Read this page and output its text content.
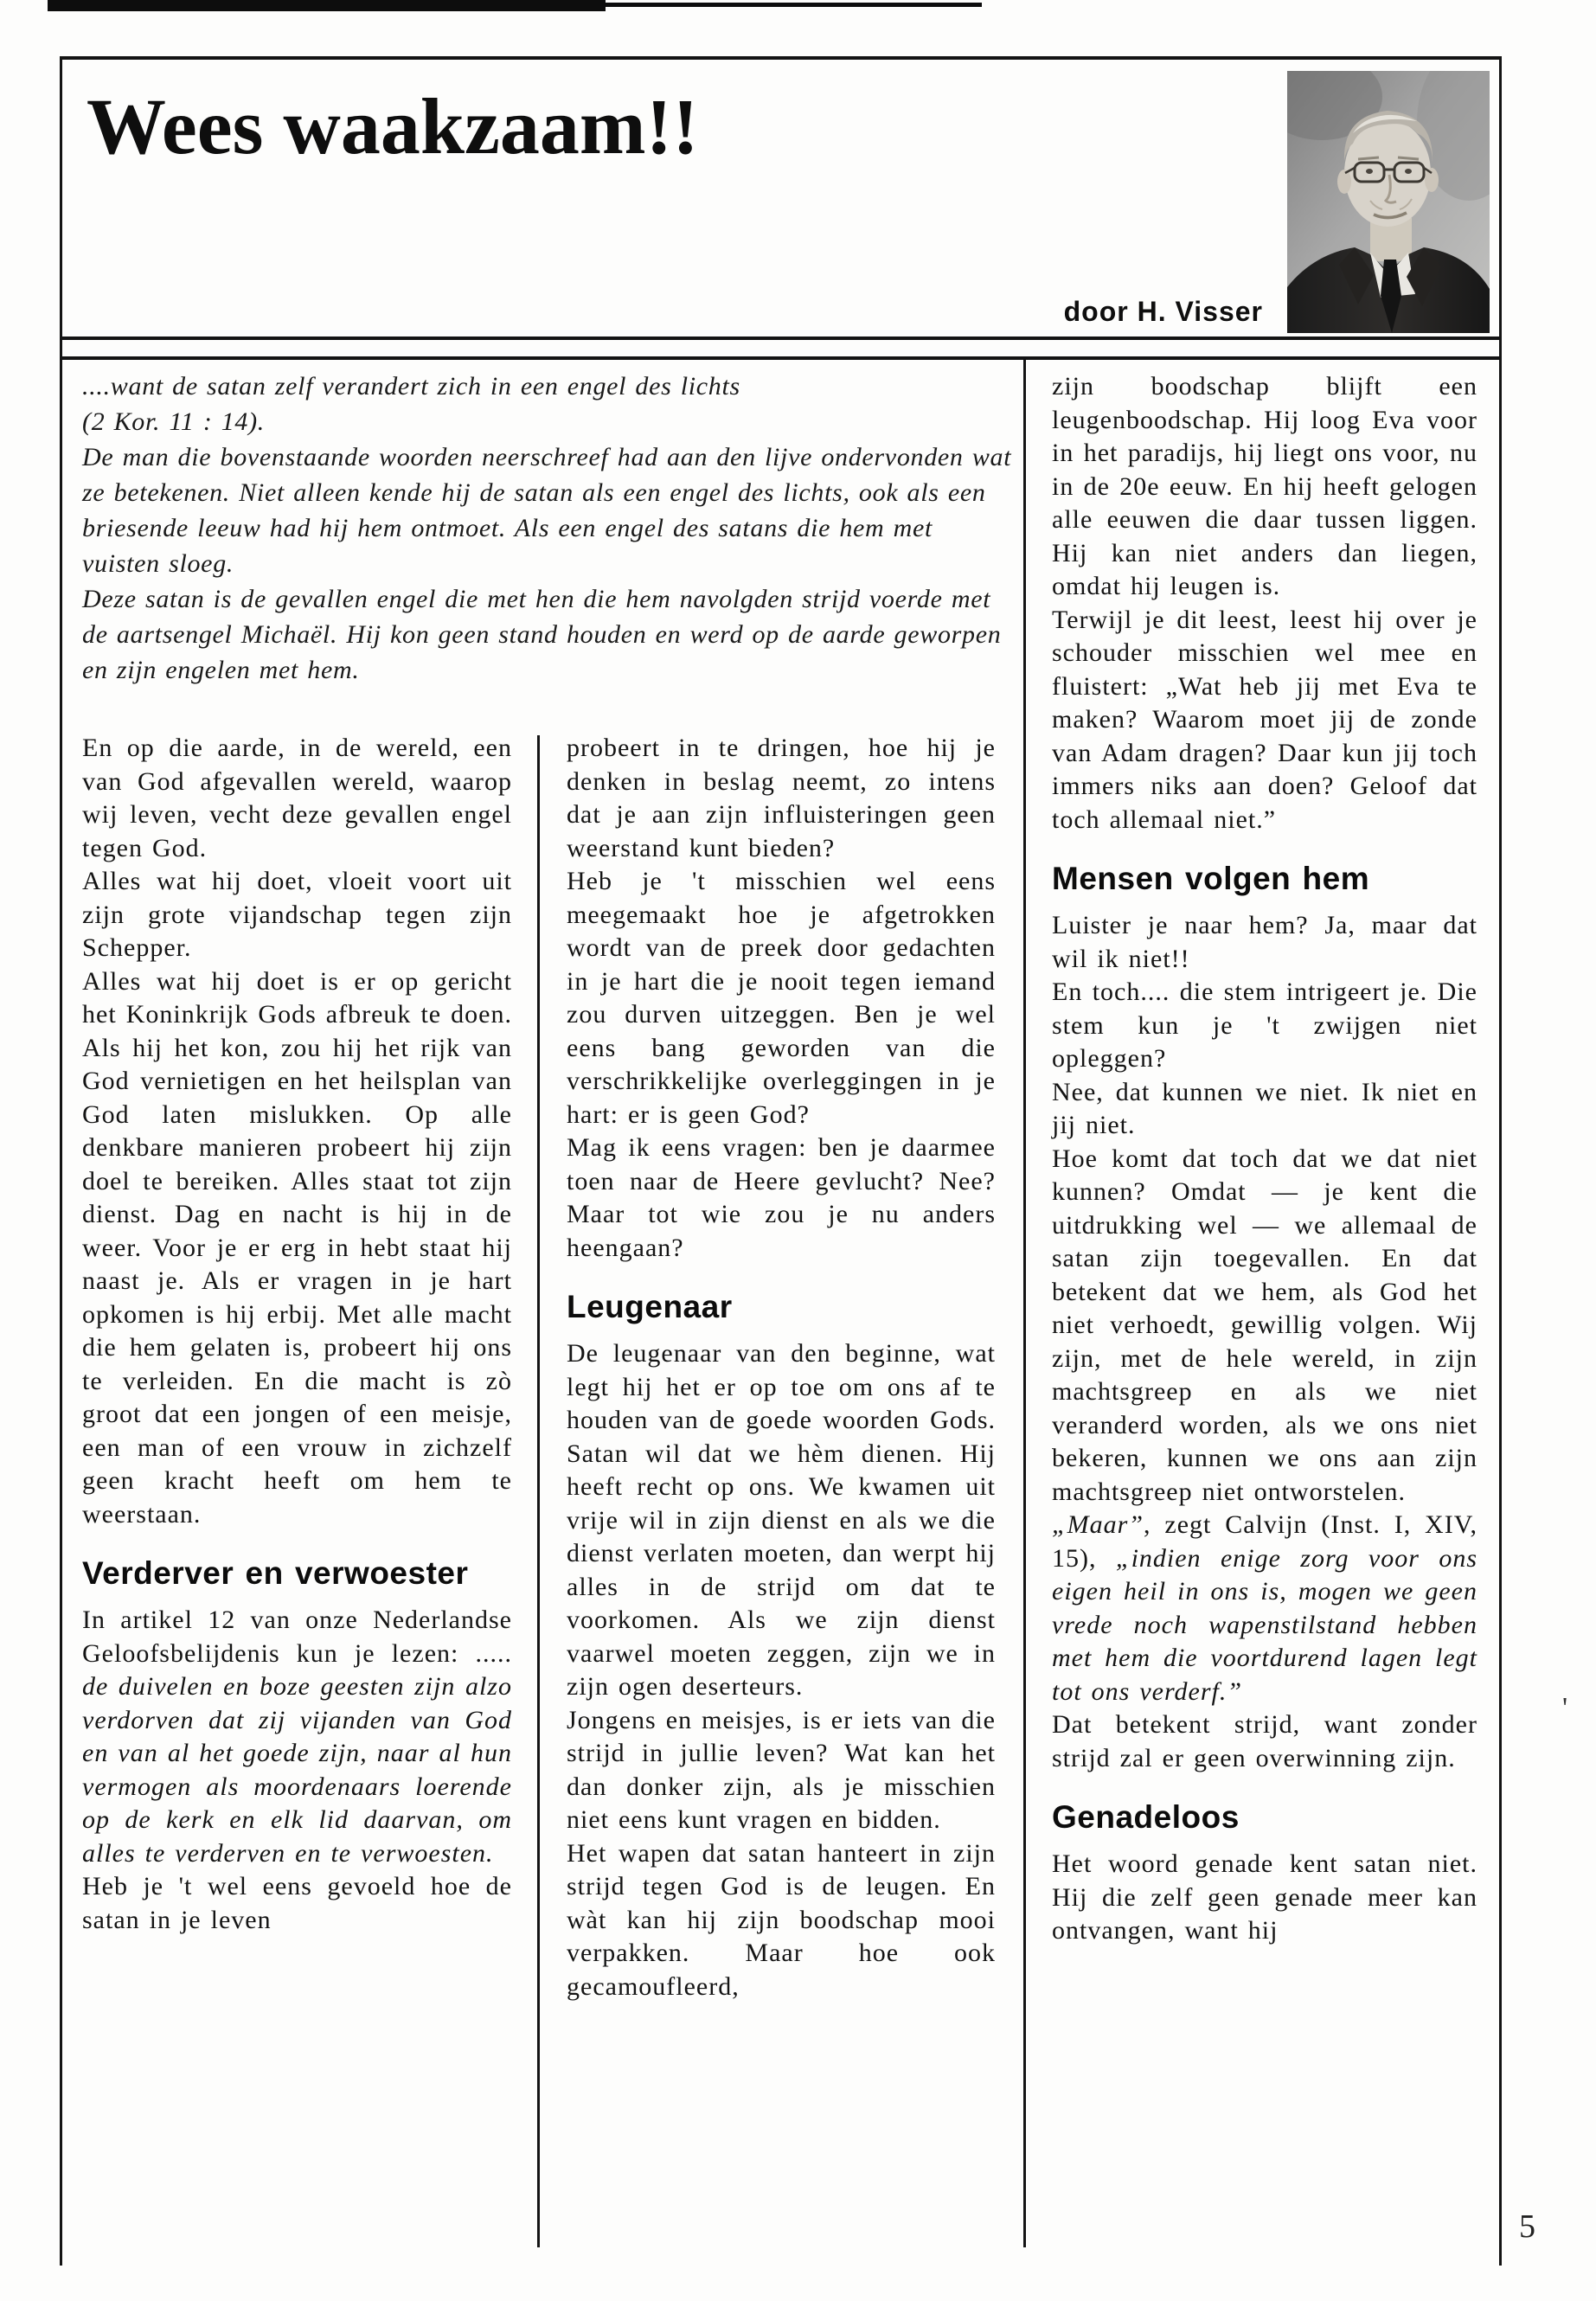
Wees waakzaam!!
door H. Visser

....want de satan zelf verandert zich in een engel des lichts

(2 Kor. 11 : 14).

De man die bovenstaande woorden neerschreef had aan den lijve ondervonden wat ze betekenen. Niet alleen kende hij de satan als een engel des lichts, ook als een briesende leeuw had hij hem ontmoet. Als een engel des satans die hem met vuisten sloeg.

Deze satan is de gevallen engel die met hen die hem navolgden strijd voerde met de aartsengel Michaël. Hij kon geen stand houden en werd op de aarde geworpen en zijn engelen met hem.

En op die aarde, in de wereld, een van God afgevallen wereld, waarop wij leven, vecht deze gevallen engel tegen God.

Alles wat hij doet, vloeit voort uit zijn grote vijandschap tegen zijn Schepper.

Alles wat hij doet is er op gericht het Koninkrijk Gods afbreuk te doen. Als hij het kon, zou hij het rijk van God vernietigen en het heilsplan van God laten mislukken. Op alle denkbare manieren probeert hij zijn doel te bereiken. Alles staat tot zijn dienst. Dag en nacht is hij in de weer. Voor je er erg in hebt staat hij naast je. Als er vragen in je hart opkomen is hij erbij. Met alle macht die hem gelaten is, probeert hij ons te verleiden. En die macht is zò groot dat een jongen of een meisje, een man of een vrouw in zichzelf geen kracht heeft om hem te weerstaan.

Verderver en verwoester

In artikel 12 van onze Nederlandse Geloofsbelijdenis kun je lezen: ..... de duivelen en boze geesten zijn alzo verdorven dat zij vijanden van God en van al het goede zijn, naar al hun vermogen als moordenaars loerende op de kerk en elk lid daarvan, om alles te verderven en te verwoesten.

Heb je 't wel eens gevoeld hoe de satan in je leven

probeert in te dringen, hoe hij je denken in beslag neemt, zo intens dat je aan zijn influisteringen geen weerstand kunt bieden?

Heb je 't misschien wel eens meegemaakt hoe je afgetrokken wordt van de preek door gedachten in je hart die je nooit tegen iemand zou durven uitzeggen. Ben je wel eens bang geworden van die verschrikkelijke overleggingen in je hart: er is geen God?

Mag ik eens vragen: ben je daarmee toen naar de Heere gevlucht? Nee? Maar tot wie zou je nu anders heengaan?

Leugenaar

De leugenaar van den beginne, wat legt hij het er op toe om ons af te houden van de goede woorden Gods. Satan wil dat we hèm dienen. Hij heeft recht op ons. We kwamen uit vrije wil in zijn dienst en als we die dienst verlaten moeten, dan werpt hij alles in de strijd om dat te voorkomen. Als we zijn dienst vaarwel moeten zeggen, zijn we in zijn ogen deserteurs.

Jongens en meisjes, is er iets van die strijd in jullie leven? Wat kan het dan donker zijn, als je misschien niet eens kunt vragen en bidden.

Het wapen dat satan hanteert in zijn strijd tegen God is de leugen. En wàt kan hij zijn boodschap mooi verpakken. Maar hoe ook gecamoufleerd,

zijn boodschap blijft een leugenboodschap. Hij loog Eva voor in het paradijs, hij liegt ons voor, nu in de 20e eeuw. En hij heeft gelogen alle eeuwen die daar tussen liggen. Hij kan niet anders dan liegen, omdat hij leugen is.

Terwijl je dit leest, leest hij over je schouder misschien wel mee en fluistert: „Wat heb jij met Eva te maken? Waarom moet jij de zonde van Adam dragen? Daar kun jij toch immers niks aan doen? Geloof dat toch allemaal niet.”

Mensen volgen hem

Luister je naar hem? Ja, maar dat wil ik niet!!

En toch.... die stem intrigeert je. Die stem kun je 't zwijgen niet opleggen?

Nee, dat kunnen we niet. Ik niet en jij niet.

Hoe komt dat toch dat we dat niet kunnen? Omdat — je kent die uitdrukking wel — we allemaal de satan zijn toegevallen. En dat betekent dat we hem, als God het niet verhoedt, gewillig volgen. Wij zijn, met de hele wereld, in zijn machtsgreep en als we niet veranderd worden, als we ons niet bekeren, kunnen we ons aan zijn machtsgreep niet ontworstelen.

„Maar”, zegt Calvijn (Inst. I, XIV, 15), „indien enige zorg voor ons eigen heil in ons is, mogen we geen vrede noch wapenstilstand hebben met hem die voortdurend lagen legt tot ons verderf.”

Dat betekent strijd, want zonder strijd zal er geen overwinning zijn.

Genadeloos

Het woord genade kent satan niet. Hij die zelf geen genade meer kan ontvangen, want hij

5
'
